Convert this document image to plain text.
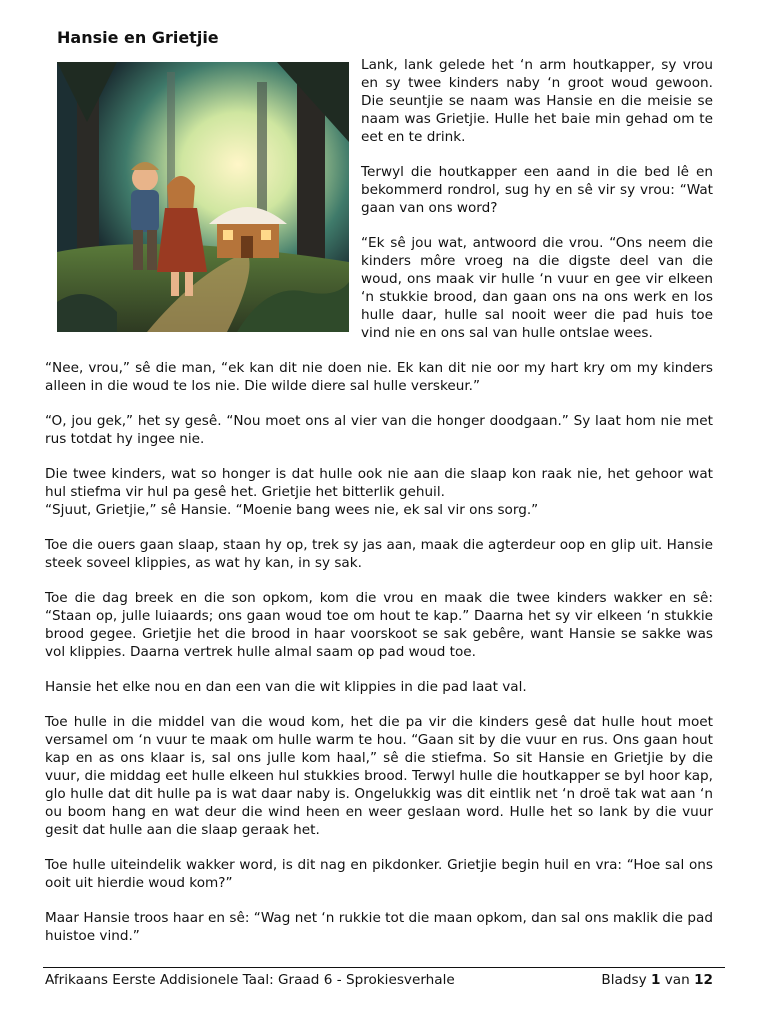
Hansie en Grietjie

Lank, lank gelede het ‘n arm houtkapper, sy vrou en sy twee kinders naby ‘n groot woud gewoon. Die seuntjie se naam was Hansie en die meisie se naam was Grietjie. Hulle het baie min gehad om te eet en te drink.

Terwyl die houtkapper een aand in die bed lê en bekommerd rondrol, sug hy en sê vir sy vrou: “Wat gaan van ons word?

“Ek sê jou wat, antwoord die vrou. “Ons neem die kinders môre vroeg na die digste deel van die woud, ons maak vir hulle ‘n vuur en gee vir elkeen ‘n stukkie brood, dan gaan ons na ons werk en los hulle daar, hulle sal nooit weer die pad huis toe vind nie en ons sal van hulle ontslae wees.

“Nee, vrou,” sê die man, “ek kan dit nie doen nie. Ek kan dit nie oor my hart kry om my kinders alleen in die woud te los nie. Die wilde diere sal hulle verskeur.”

“O, jou gek,” het sy gesê. “Nou moet ons al vier van die honger doodgaan.” Sy laat hom nie met rus totdat hy ingee nie.

Die twee kinders, wat so honger is dat hulle ook nie aan die slaap kon raak nie, het gehoor wat hul stiefma vir hul pa gesê het. Grietjie het bitterlik gehuil.

“Sjuut, Grietjie,” sê Hansie. “Moenie bang wees nie, ek sal vir ons sorg.”

Toe die ouers gaan slaap, staan hy op, trek sy jas aan, maak die agterdeur oop en glip uit. Hansie steek soveel klippies, as wat hy kan, in sy sak.

Toe die dag breek en die son opkom, kom die vrou en maak die twee kinders wakker en sê: “Staan op, julle luiaards; ons gaan woud toe om hout te kap.” Daarna het sy vir elkeen ‘n stukkie brood gegee. Grietjie het die brood in haar voorskoot se sak gebêre, want Hansie se sakke was vol klippies. Daarna vertrek hulle almal saam op pad woud toe.

Hansie het elke nou en dan een van die wit klippies in die pad laat val.

Toe hulle in die middel van die woud kom, het die pa vir die kinders gesê dat hulle hout moet versamel om ‘n vuur te maak om hulle warm te hou. “Gaan sit by die vuur en rus. Ons gaan hout kap en as ons klaar is, sal ons julle kom haal,” sê die stiefma. So sit Hansie en Grietjie by die vuur, die middag eet hulle elkeen hul stukkies brood. Terwyl hulle die houtkapper se byl hoor kap, glo hulle dat dit hulle pa is wat daar naby is. Ongelukkig was dit eintlik net ‘n droë tak wat aan ‘n ou boom hang en wat deur die wind heen en weer geslaan word. Hulle het so lank by die vuur gesit dat hulle aan die slaap geraak het.

Toe hulle uiteindelik wakker word, is dit nag en pikdonker. Grietjie begin huil en vra: “Hoe sal ons ooit uit hierdie woud kom?”

Maar Hansie troos haar en sê: “Wag net ‘n rukkie tot die maan opkom, dan sal ons maklik die pad huistoe vind.”

Afrikaans Eerste Addisionele Taal: Graad 6 - Sprokiesverhale	Bladsy 1 van 12
